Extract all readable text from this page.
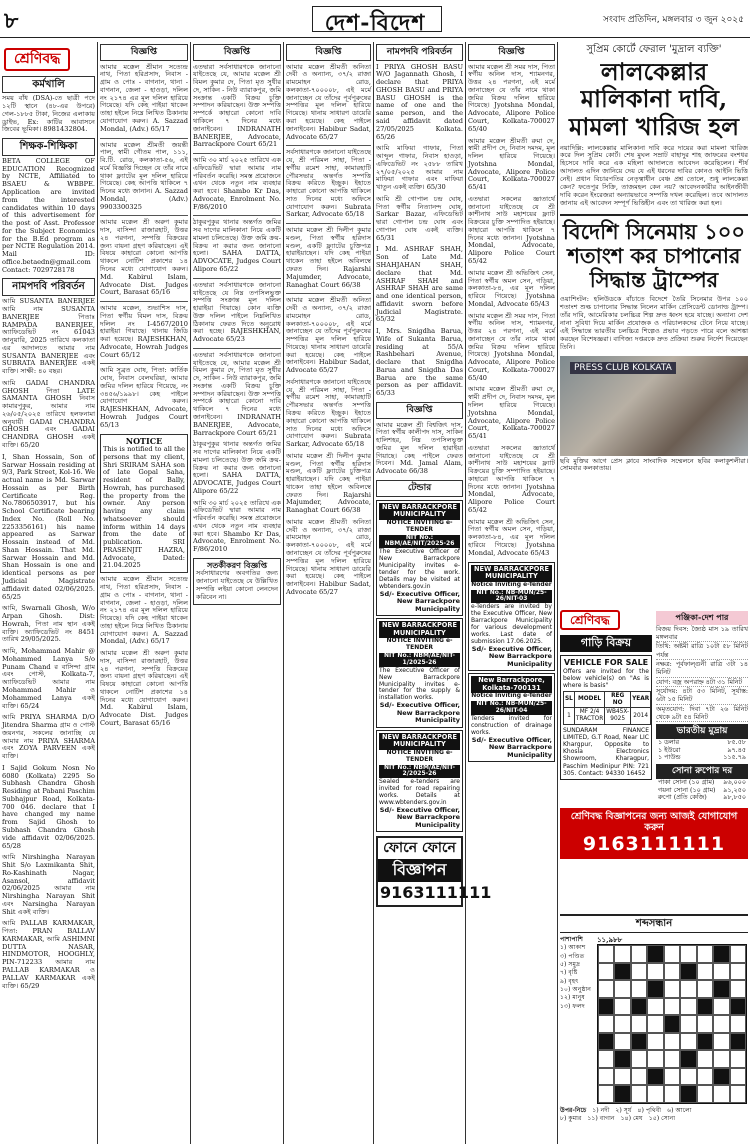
৮	দেশ-বিদেশ	সংবাদ প্রতিদিন, মঙ্গলবার ৩ জুন ২০২৫
শ্রেণিবদ্ধ
কর্মখালি
সময় বাঁধ (DSA)-তে ছাত্রী পদে ১২টি স্থানে (৪৮-এর উপরে) গেল-১৮৮৫ টাকা, নিজের এলাকায় ড্রাইভ, Ex: কাটির আবাসনে জিবের ভূমিকা। 8981432804.
শিক্ষক-শিক্ষিকা
BETA COLLEGE OF EDUCATION Recognized by NCTE, Affiliated to BSAEU & WBBPE. Application are invited from the interested candidates within 10 days of this advertisement for the post of Asst. Professor for the Subject Economics for the B.Ed program as per NCTE Regulation 2014. Mail ID: office.betaedn@gmail.com Contact: 7029728178
নামপদবি পরিবর্তন
আমি SUSANTA BANERJEE আমি নাম SUSANTA BANERJEE পিতাঃ RAMPADA BANERJEE, অ্যাফিডেভিট নং 61043 জানুয়ারি, 2025 তারিখে কলকাতা এর আদালতে আমার নাম SUSANTA BANERJEE এবং SUBRATA BANERJEE একই ব্যক্তি। সাক্ষী: ৪০ বছর।
আমি GADAI CHANDRA GHOSH পিতা LATE SAMANTA GHOSH নিবাস কামারপুকুর, আমার নাম ২৬/০৫/২০২৫ তারিখে হলফনামা অনুযায়ী GADAI CHANDRA GHOSH এবং GADAI CHANDRA GHOSH একই ব্যক্তি। 65/20
I, Shan Hossain, Son of Sarwar Hossain residing at 9/3, Park Street, Kol-16. We actual name is Md. Sarwar Hossain as per Birth Certificate Reg. No.7806503917, but his School Certificate bearing Index No. (Roll No. 2253356161) his name appeared as Sarwar Hossain instead of Md. Shan Hossain. That Md. Sarwar Hossain and Md. Shan Hossain is one and identical persons as per Judicial Magistrate affidavit dated 02/06/2025. 65/25
আমি, Swarnali Ghosh, W/o Arpan Ghosh. Dist: Howrah, পিতা নাম স্থান একই ব্যক্তি। অ্যাফিডেভিট নং 8451 তারিখ 29/05/2025.
আমি, Mohammad Mahir @ Mohammed Lanya S/o Punam Chand র বাসিন্দা গ্রাম এবং পোস্ট, Kolkata-7, অ্যাফিডেভিট আমার নাম Mohammad Mahir ও Mohammed Lanya একই ব্যক্তি। 65/24
আমি PRIYA SHARMA D/O Jitendra Sharma গ্রাম ও পোস্ট জয়নগর, সকলের জানাচ্ছি যে আমার নাম PRIYA SHARMA এবং ZOYA PARVEEN একই ব্যক্তি।
I Sajid Gokum Nosn No 6080 (Kolkata) 2295 So Subhash Chandra Ghosh Residing at Pabani Paschim Subhajpur Road, Kolkata-700 046. declare that I have changed my name from Sajid Ghosh to Subhash Chandra Ghosh vide affidavit 02/06/2025. 65/28
আমি Nirshingha Narayan Shit S/o Laxmikanta Shit, Ro-Kashinath Nagar, Asansol, affidavit 02/06/2025 আমার নাম Nirshingha Narayan Shit এবং Narsingha Narayan Shit একই ব্যক্তি।
আমি PALLAB KARMAKAR, পিতা: PRAN BALLAV KARMAKAR, আমি ASHIMNI DUTTA NASAR, HINDMOTOR, HOOGHLY, PIN-712233 আমার নাম PALLAB KARMAKAR ও PALLAV KARMAKAR একই ব্যক্তি। 65/29
বিজ্ঞপ্তি
আমার মক্কেল শ্রীমান সত্যেন্দ্র নাথ, পিতা হরিপ্রসাদ, নিবাস - গ্রাম ও পোঃ - বাগনান, থানা - বাগনান, জেলা - হাওড়া, দলিল নং ২১৭৪ এর মূল দলিল হারিয়ে গিয়েছে। যদি কেহ পাইয়া থাকেন তাহা হইলে নিম্নে লিখিত ঠিকানায় যোগাযোগ করুন। A. Sazzad Mondal, (Adv.) 65/17
আমার মক্কেল শ্রীমতী জয়ন্তী পাল, স্বামী গৌতম পাল, ১১১, বি.টি. রোড, কলকাতা-৫৬, এই মর্মে বিজ্ঞপ্তি দিচ্ছেন যে তাঁর নামে থাকা ফ্ল্যাটের মূল দলিল হারিয়ে গিয়েছে। কেহ আপত্তি থাকিলে ৭ দিনের মধ্যে জানান। A. Sazzad Mondal, (Adv.) 9903300325
আমার মক্কেল শ্রী অরুণ কুমার দাস, বাসিন্দা রাজারহাট, উত্তর ২৪ পরগনা, সম্পত্তি বিক্রয়ের জন্য বায়না গ্রহণ করিয়াছেন। এই বিষয়ে কাহারো কোনো আপত্তি থাকলে নোটিশ প্রকাশের ১৪ দিনের মধ্যে যোগাযোগ করুন। Md. Kabirul Islam, Advocate Dist. Judges Court, Barasat 65/16
আমার মক্কেল, শুভাশিস দাস, পিতা স্বর্গীয় বিমল দাস, বিক্রয় দলিল নং I-4567/2010 হারাইয়া গিয়াছে। থানায় জিডি করা হয়েছে। RAJESHKHAN, Advocate, Howrah Judges Court 65/12
আমি সুব্রত ঘোষ, পিতা: কার্তিক ঘোষ, নিবাস বেলঘরিয়া, আমার জমির দলিল হারিয়ে গিয়েছে, নং ৩৪৫৬/১৯৯৮। কেহ পাইলে যোগাযোগ করুন। RAJESHKHAN, Advocate, Howrah Judges Court 65/13
NOTICE
This is notified to all the persons that my client, Shri SRIRAM SAHA son of late Gopal Saha, resident of Bally, Howrah, has purchased the property from the owner. Any person having any claim whatsoever should inform within 14 days from the date of publication. SRI PRASENJIT HAZRA, Advocate, Dated: 21.04.2025
আমার মক্কেল শ্রীমান সত্যেন্দ্র নাথ, পিতা হরিপ্রসাদ, নিবাস - গ্রাম ও পোঃ - বাগনান, থানা - বাগনান, জেলা - হাওড়া, দলিল নং ২১৭৪ এর মূল দলিল হারিয়ে গিয়েছে। যদি কেহ পাইয়া থাকেন তাহা হইলে নিম্নে লিখিত ঠিকানায় যোগাযোগ করুন। A. Sazzad Mondal, (Adv.) 65/17
আমার মক্কেল শ্রী অরুণ কুমার দাস, বাসিন্দা রাজারহাট, উত্তর ২৪ পরগনা, সম্পত্তি বিক্রয়ের জন্য বায়না গ্রহণ করিয়াছেন। এই বিষয়ে কাহারো কোনো আপত্তি থাকলে নোটিশ প্রকাশের ১৪ দিনের মধ্যে যোগাযোগ করুন। Md. Kabirul Islam, Advocate Dist. Judges Court, Barasat 65/16
বিজ্ঞপ্তি
এতদ্বারা সর্বসাধারণকে জানানো যাইতেছে যে, আমার মক্কেল শ্রী বিমল কুমার দে, পিতা মৃত সুধীর দে, সাকিন - নিউ ব্যারাকপুর, জমি সংক্রান্ত একটি বিক্রয় চুক্তি সম্পাদন করিয়াছেন। উক্ত সম্পত্তি সম্পর্কে কাহারো কোনো দাবি থাকিলে ৭ দিনের মধ্যে জানাইবেন। INDRANATH BANERJEE, Advocate, Barrackpore Court 65/21
আমি ৩০ মার্চ ২০২৫ তারিখে এক এফিডেভিট দ্বারা আমার নাম পরিবর্তন করেছি। সমস্ত প্রয়োজনে এখন থেকে নতুন নাম ব্যবহার করা হবে। Shambo Kr Das, Advocate, Enrolment No. F/86/2010
ঠাকুরপুকুর থানার অন্তর্গত জমির সব দাগের মালিকানা নিয়ে একটি মামলা চলিতেছে। উক্ত জমি ক্রয়-বিক্রয় না করার জন্য জানানো হলো। SAHA DATTA, ADVOCATE, Judges Court Alipore 65/22
এতদ্বারা সর্বসাধারণকে জানানো যাইতেছে যে নিম্ন তপসিলভুক্ত সম্পত্তি সংক্রান্ত মূল দলিল হারাইয়া গিয়াছে। কোন ব্যক্তি উক্ত দলিল পাইলে নিম্নলিখিত ঠিকানায় ফেরত দিতে অনুরোধ করা হচ্ছে। RAJESHKHAN, Advocate 65/23
এতদ্বারা সর্বসাধারণকে জানানো যাইতেছে যে, আমার মক্কেল শ্রী বিমল কুমার দে, পিতা মৃত সুধীর দে, সাকিন - নিউ ব্যারাকপুর, জমি সংক্রান্ত একটি বিক্রয় চুক্তি সম্পাদন করিয়াছেন। উক্ত সম্পত্তি সম্পর্কে কাহারো কোনো দাবি থাকিলে ৭ দিনের মধ্যে জানাইবেন। INDRANATH BANERJEE, Advocate, Barrackpore Court 65/21
ঠাকুরপুকুর থানার অন্তর্গত জমির সব দাগের মালিকানা নিয়ে একটি মামলা চলিতেছে। উক্ত জমি ক্রয়-বিক্রয় না করার জন্য জানানো হলো। SAHA DATTA, ADVOCATE, Judges Court Alipore 65/22
আমি ৩০ মার্চ ২০২৫ তারিখে এক এফিডেভিট দ্বারা আমার নাম পরিবর্তন করেছি। সমস্ত প্রয়োজনে এখন থেকে নতুন নাম ব্যবহার করা হবে। Shambo Kr Das, Advocate, Enrolment No. F/86/2010
সতর্কীকরণ বিজ্ঞপ্তি
সর্বসাধারণের অবগতির জন্য জানানো যাইতেছে যে উল্লিখিত সম্পত্তি লইয়া কোনো লেনদেন করিবেন না।
বিজ্ঞপ্তি
আমার মক্কেল শ্রীমতী অনিতা দেবী ও অন্যান্য, ৩৭/২ রাজা রামমোহন রোড, কলকাতা-৭০০০০৮, এই মর্মে জানাচ্ছেন যে তাঁদের পূর্বপুরুষের সম্পত্তির মূল দলিল হারিয়ে গিয়েছে। থানায় সাধারণ ডায়েরি করা হয়েছে। কেহ পাইলে জানাইবেন। Habibur Sadat, Advocate 65/27
সর্বসাধারণকে জানানো যাইতেছে যে, শ্রী পরিমল সাহা, পিতা - স্বর্গীয় রমেশ সাহা, কামারহাটি পৌরসভার অন্তর্গত সম্পত্তি বিক্রয় করিতে ইচ্ছুক। ইহাতে কাহারো কোনো আপত্তি থাকিলে সাত দিনের মধ্যে অফিসে যোগাযোগ করুন। Subrata Sarkar, Advocate 65/18
আমার মক্কেল শ্রী দিলীপ কুমার মণ্ডল, পিতা স্বর্গীয় হরিদাস মণ্ডল, একটি ফ্ল্যাটের চুক্তিপত্র হারাইয়াছেন। যদি কেহ পাইয়া থাকেন তাহা হইলে অবিলম্বে ফেরত দিন। Rajarshi Majumder, Advocate, Ranaghat Court 66/38
আমার মক্কেল শ্রীমতী অনিতা দেবী ও অন্যান্য, ৩৭/২ রাজা রামমোহন রোড, কলকাতা-৭০০০০৮, এই মর্মে জানাচ্ছেন যে তাঁদের পূর্বপুরুষের সম্পত্তির মূল দলিল হারিয়ে গিয়েছে। থানায় সাধারণ ডায়েরি করা হয়েছে। কেহ পাইলে জানাইবেন। Habibur Sadat, Advocate 65/27
সর্বসাধারণকে জানানো যাইতেছে যে, শ্রী পরিমল সাহা, পিতা - স্বর্গীয় রমেশ সাহা, কামারহাটি পৌরসভার অন্তর্গত সম্পত্তি বিক্রয় করিতে ইচ্ছুক। ইহাতে কাহারো কোনো আপত্তি থাকিলে সাত দিনের মধ্যে অফিসে যোগাযোগ করুন। Subrata Sarkar, Advocate 65/18
আমার মক্কেল শ্রী দিলীপ কুমার মণ্ডল, পিতা স্বর্গীয় হরিদাস মণ্ডল, একটি ফ্ল্যাটের চুক্তিপত্র হারাইয়াছেন। যদি কেহ পাইয়া থাকেন তাহা হইলে অবিলম্বে ফেরত দিন। Rajarshi Majumder, Advocate, Ranaghat Court 66/38
আমার মক্কেল শ্রীমতী অনিতা দেবী ও অন্যান্য, ৩৭/২ রাজা রামমোহন রোড, কলকাতা-৭০০০০৮, এই মর্মে জানাচ্ছেন যে তাঁদের পূর্বপুরুষের সম্পত্তির মূল দলিল হারিয়ে গিয়েছে। থানায় সাধারণ ডায়েরি করা হয়েছে। কেহ পাইলে জানাইবেন। Habibur Sadat, Advocate 65/27
নামপদবি পরিবর্তন
I PRIYA GHOSH BASU W/O Jagannath Ghosh, I declare that PRIYA GHOSH BASU and PRIYA BASU GHOSH is the name of one and the same person, and the said affidavit dated 27/05/2025 Kolkata. 65/26
আমি মাফিয়া গাফার, পিতা আব্দুল গাফার, নিবাস হাওড়া, এফিডেভিট নং ২৫৮৮ তারিখ ২৭/০৫/২০২৫ আমার নাম মাফিয়া গাফার এবং মাফিয়া খাতুন একই ব্যক্তি। 65/30
আমি শ্রী গোপাল চন্দ্র ঘোষ, পিতা স্বর্গীয় নিত্যানন্দ ঘোষ, Sarkar Bazar, এফিডেভিট দ্বারা গোপাল চন্দ্র ঘোষ এবং গোপাল ঘোষ একই ব্যক্তি। 65/31
I Md. ASHRAF SHAH, Son of Late Md. SHAHJAHAN SHAH, declare that Md. ASHRAF SHAH and ASHRAF SHAH are same and one identical person, affidavit sworn before Judicial Magistrate. 65/32
I, Mrs. Snigdha Barua, Wife of Sukanta Barua, residing at 55/A Rashbehari Avenue, declare that Snigdha Barua and Snigdha Das Barua are the same person as per affidavit. 65/33
বিজ্ঞপ্তি
আমার মক্কেল শ্রী বিশ্বজিৎ দাস, পিতা স্বর্গীয় কালীপদ দাস, সাকিন হালিশহর, নিম্ন তপসিলভুক্ত জমির মূল দলিল হারাইয়া গিয়াছে। কেহ পাইলে ফেরত দিবেন। Md. Jamal Alam, Advocate 66/38
টেন্ডার
NEW BARRACKPORE MUNICIPALITY
NOTICE INVITING e-TENDER
NIT No.: NBM/AE/NIT/2025-26
The Executive Officer of New Barrackpore Municipality invites e-tender for the work. Details may be visited at wbtenders.gov.in
Sd/- Executive Officer, New Barrackpore Municipality
NEW BARRACKPORE MUNICIPALITY
NOTICE INVITING e-TENDER
NIT No.: NBM/AE/NIT-1/2025-26
The Executive Officer of New Barrackpore Municipality invites e-tender for the supply & installation works.
Sd/- Executive Officer, New Barrackpore Municipality
NEW BARRACKPORE MUNICIPALITY
NOTICE INVITING e-TENDER
NIT No.: NBM/AE/NIT-2/2025-26
Sealed e-tenders are invited for road repairing works. Details at www.wbtenders.gov.in
Sd/- Executive Officer, New Barrackpore Municipality
ফোনে ফোনে
বিজ্ঞাপন
9163111111
বিজ্ঞপ্তি
আমার মক্কেল শ্রী সমর দাস, পিতা স্বর্গীয় অনিল দাস, শ্যামনগর, উত্তর ২৪ পরগনা, এই মর্মে জানাচ্ছেন যে তাঁর নামে থাকা জমির বিক্রয় দলিল হারিয়ে গিয়েছে। Jyotshna Mondal, Advocate, Alipore Police Court, Kolkata-700027 65/40
আমার মক্কেল শ্রীমতী রুমা দে, স্বামী প্রদীপ দে, নিবাস দমদম, মূল দলিল হারিয়ে গিয়েছে। Jyotshna Mondal, Advocate, Alipore Police Court, Kolkata-700027 65/41
এতদ্বারা সকলের জ্ঞাতার্থে জানানো যাইতেছে যে শ্রী কাশীনাথ সাউ মহাশয়ের ফ্ল্যাট বিক্রয়ের চুক্তি সম্পাদিত হইয়াছে। কাহারো আপত্তি থাকিলে ৭ দিনের মধ্যে জানান। Jyotshna Mondal, Advocate, Alipore Police Court 65/42
আমার মক্কেল শ্রী অভিজিৎ সেন, পিতা স্বর্গীয় অমল সেন, গড়িয়া, কলকাতা-৮৪, এর মূল দলিল হারিয়ে গিয়েছে। Jyotshna Mondal, Advocate 65/43
আমার মক্কেল শ্রী সমর দাস, পিতা স্বর্গীয় অনিল দাস, শ্যামনগর, উত্তর ২৪ পরগনা, এই মর্মে জানাচ্ছেন যে তাঁর নামে থাকা জমির বিক্রয় দলিল হারিয়ে গিয়েছে। Jyotshna Mondal, Advocate, Alipore Police Court, Kolkata-700027 65/40
আমার মক্কেল শ্রীমতী রুমা দে, স্বামী প্রদীপ দে, নিবাস দমদম, মূল দলিল হারিয়ে গিয়েছে। Jyotshna Mondal, Advocate, Alipore Police Court, Kolkata-700027 65/41
এতদ্বারা সকলের জ্ঞাতার্থে জানানো যাইতেছে যে শ্রী কাশীনাথ সাউ মহাশয়ের ফ্ল্যাট বিক্রয়ের চুক্তি সম্পাদিত হইয়াছে। কাহারো আপত্তি থাকিলে ৭ দিনের মধ্যে জানান। Jyotshna Mondal, Advocate, Alipore Police Court 65/42
আমার মক্কেল শ্রী অভিজিৎ সেন, পিতা স্বর্গীয় অমল সেন, গড়িয়া, কলকাতা-৮৪, এর মূল দলিল হারিয়ে গিয়েছে। Jyotshna Mondal, Advocate 65/43
NEW BARRACKPORE MUNICIPALITY
Notice Inviting e-Tender
NIT No.: NB-MUN/25-26/NIT-03
e-Tenders are invited by the Executive Officer, New Barrackpore Municipality for various development works. Last date of submission 17.06.2025.
Sd/- Executive Officer, New Barrackpore Municipality
New Barrackpore, Kolkata-700131
Notice Inviting e-Tender
NIT No.: NB-MUN/25-26/NIT-04
Tenders invited for construction of drainage works.
Sd/- Executive Officer, New Barrackpore Municipality
সুপ্রিম কোর্টে ফেরাল 'মুদ্রাল ব্যক্তি'
লালকেল্লার মালিকানা দাবি, মামলা খারিজ হল
নয়াদিল্লি: লালকেল্লার মালিকানা দাবি করে দায়ের করা মামলা খারিজ করে দিল সুপ্রিম কোর্ট। শেষ মুঘল সম্রাট বাহাদুর শাহ জাফরের বংশধর হিসেবে দাবি করে এক মহিলা আদালতে আবেদন করেছিলেন। শীর্ষ আদালত এদিন জানিয়ে দেয় যে এই ধরনের দাবির কোনও আইনি ভিত্তি নেই। প্রধান বিচারপতির নেতৃত্বাধীন বেঞ্চ প্রশ্ন তোলে, শুধু লালকেল্লা কেন? ফতেপুর সিক্রি, তাজমহল কেন নয়? আবেদনকারীর আইনজীবী দাবি করেন ইংরেজরা অন্যায়ভাবে সম্পত্তি দখল করেছিল। তবে আদালত জানায় এই আবেদন সম্পূর্ণ ভিত্তিহীন এবং তা খারিজ করা হল।
বিদেশি সিনেমায় ১০০ শতাংশ কর চাপানোর সিদ্ধান্ত ট্রাম্পের
ওয়াশিংটন: হলিউডকে বাঁচাতে বিদেশে তৈরি সিনেমার উপর ১০০ শতাংশ শুল্ক চাপানোর সিদ্ধান্ত নিলেন মার্কিন প্রেসিডেন্ট ডোনাল্ড ট্রাম্প। তাঁর দাবি, আমেরিকার চলচ্চিত্র শিল্প দ্রুত ধ্বংস হয়ে যাচ্ছে। অন্যান্য দেশ নানা সুবিধা দিয়ে মার্কিন প্রযোজক ও পরিচালকদের টেনে নিয়ে যাচ্ছে। এই সিদ্ধান্তে ভারতীয় চলচ্চিত্র শিল্পেও প্রভাব পড়তে পারে বলে আশঙ্কা করছেন বিশেষজ্ঞরা। বাণিজ্য দপ্তরকে দ্রুত প্রক্রিয়া শুরুর নির্দেশ দিয়েছেন তিনি।
PRESS CLUB KOLKATA
ছবি মুক্তির আগে প্রেস ক্লাবে সাংবাদিক সম্মেলনে ছবির কলাকুশলীরা। সোমবার কলকাতায়।
শ্রেণিবদ্ধ
গাড়ি বিক্রয়
VEHICLE FOR SALE
Offers are invited for the below vehicle(s) on "As is where is basis"
SL	MODEL	REG NO	YEAR
1	MF 2/4 TRACTOR	WB45X-9025	2014
SUNDARAM FINANCE LIMITED, G.T Road, Near LIC Khargpur, Opposite to Khosla Electronics Showroom, Kharagpur, Paschim Medinipur PIN: 721 305. Contact: 94330 16452
পঞ্জিকা-দেশ পার
বিজয় দিবস: জ্যৈষ্ঠ মাস ১৯ তারিখ মঙ্গলবার
তিথি: অষ্টমী রাত্রি ১০টা ৫৮ মিনিট পর্যন্ত
নক্ষত্র: পূর্বফাল্গুনী রাত্রি ৩টা ১৪ মিনিট
যোগ: বজ্র অপরাহ্ন ৪টা ৩১ মিনিট
সূর্যোদয়: ৪টা ৫৩ মিনিট, সূর্যাস্ত: ৬টা ১৫ মিনিট
অমৃতযোগ: দিবা ৭টা ২৬ মিনিট থেকে ৯টা ৫৪ মিনিট
ভারতীয় মুদ্রায়
১ ডলার	৮৫.৫৮
১ ইউরো	৯৭.৪৫
১ পাউন্ড	১১৫.৭৯
সোনা রুপোর দর
পাকা সোনা (১০ গ্রাম) ৯৬,০০০
গয়না সোনা (১০ গ্রাম) ৯১,২৫০
রুপো (প্রতি কেজি)	৯৮,৮৫০
শ্রেণিবদ্ধ বিজ্ঞাপনের জন্য আজই যোগাযোগ করুন
9163111111
শব্দসন্ধান
পাশাপাশি
১) আকাশ
৩) পণ্ডিত
৫) সমুদ্র
৭) বৃষ্টি
৯) বৃহৎ
১০) অনুষ্ঠান
১২) মানুষ
১৩) ফলদ
১১,৯৮৮
উপর-নিচে ১) নদী ২) সূর্য ৪) পৃথিবী ৬) আলো
৮) কুমার ১১) বাগান ১৪) মেঘ ১৫) সোনা
